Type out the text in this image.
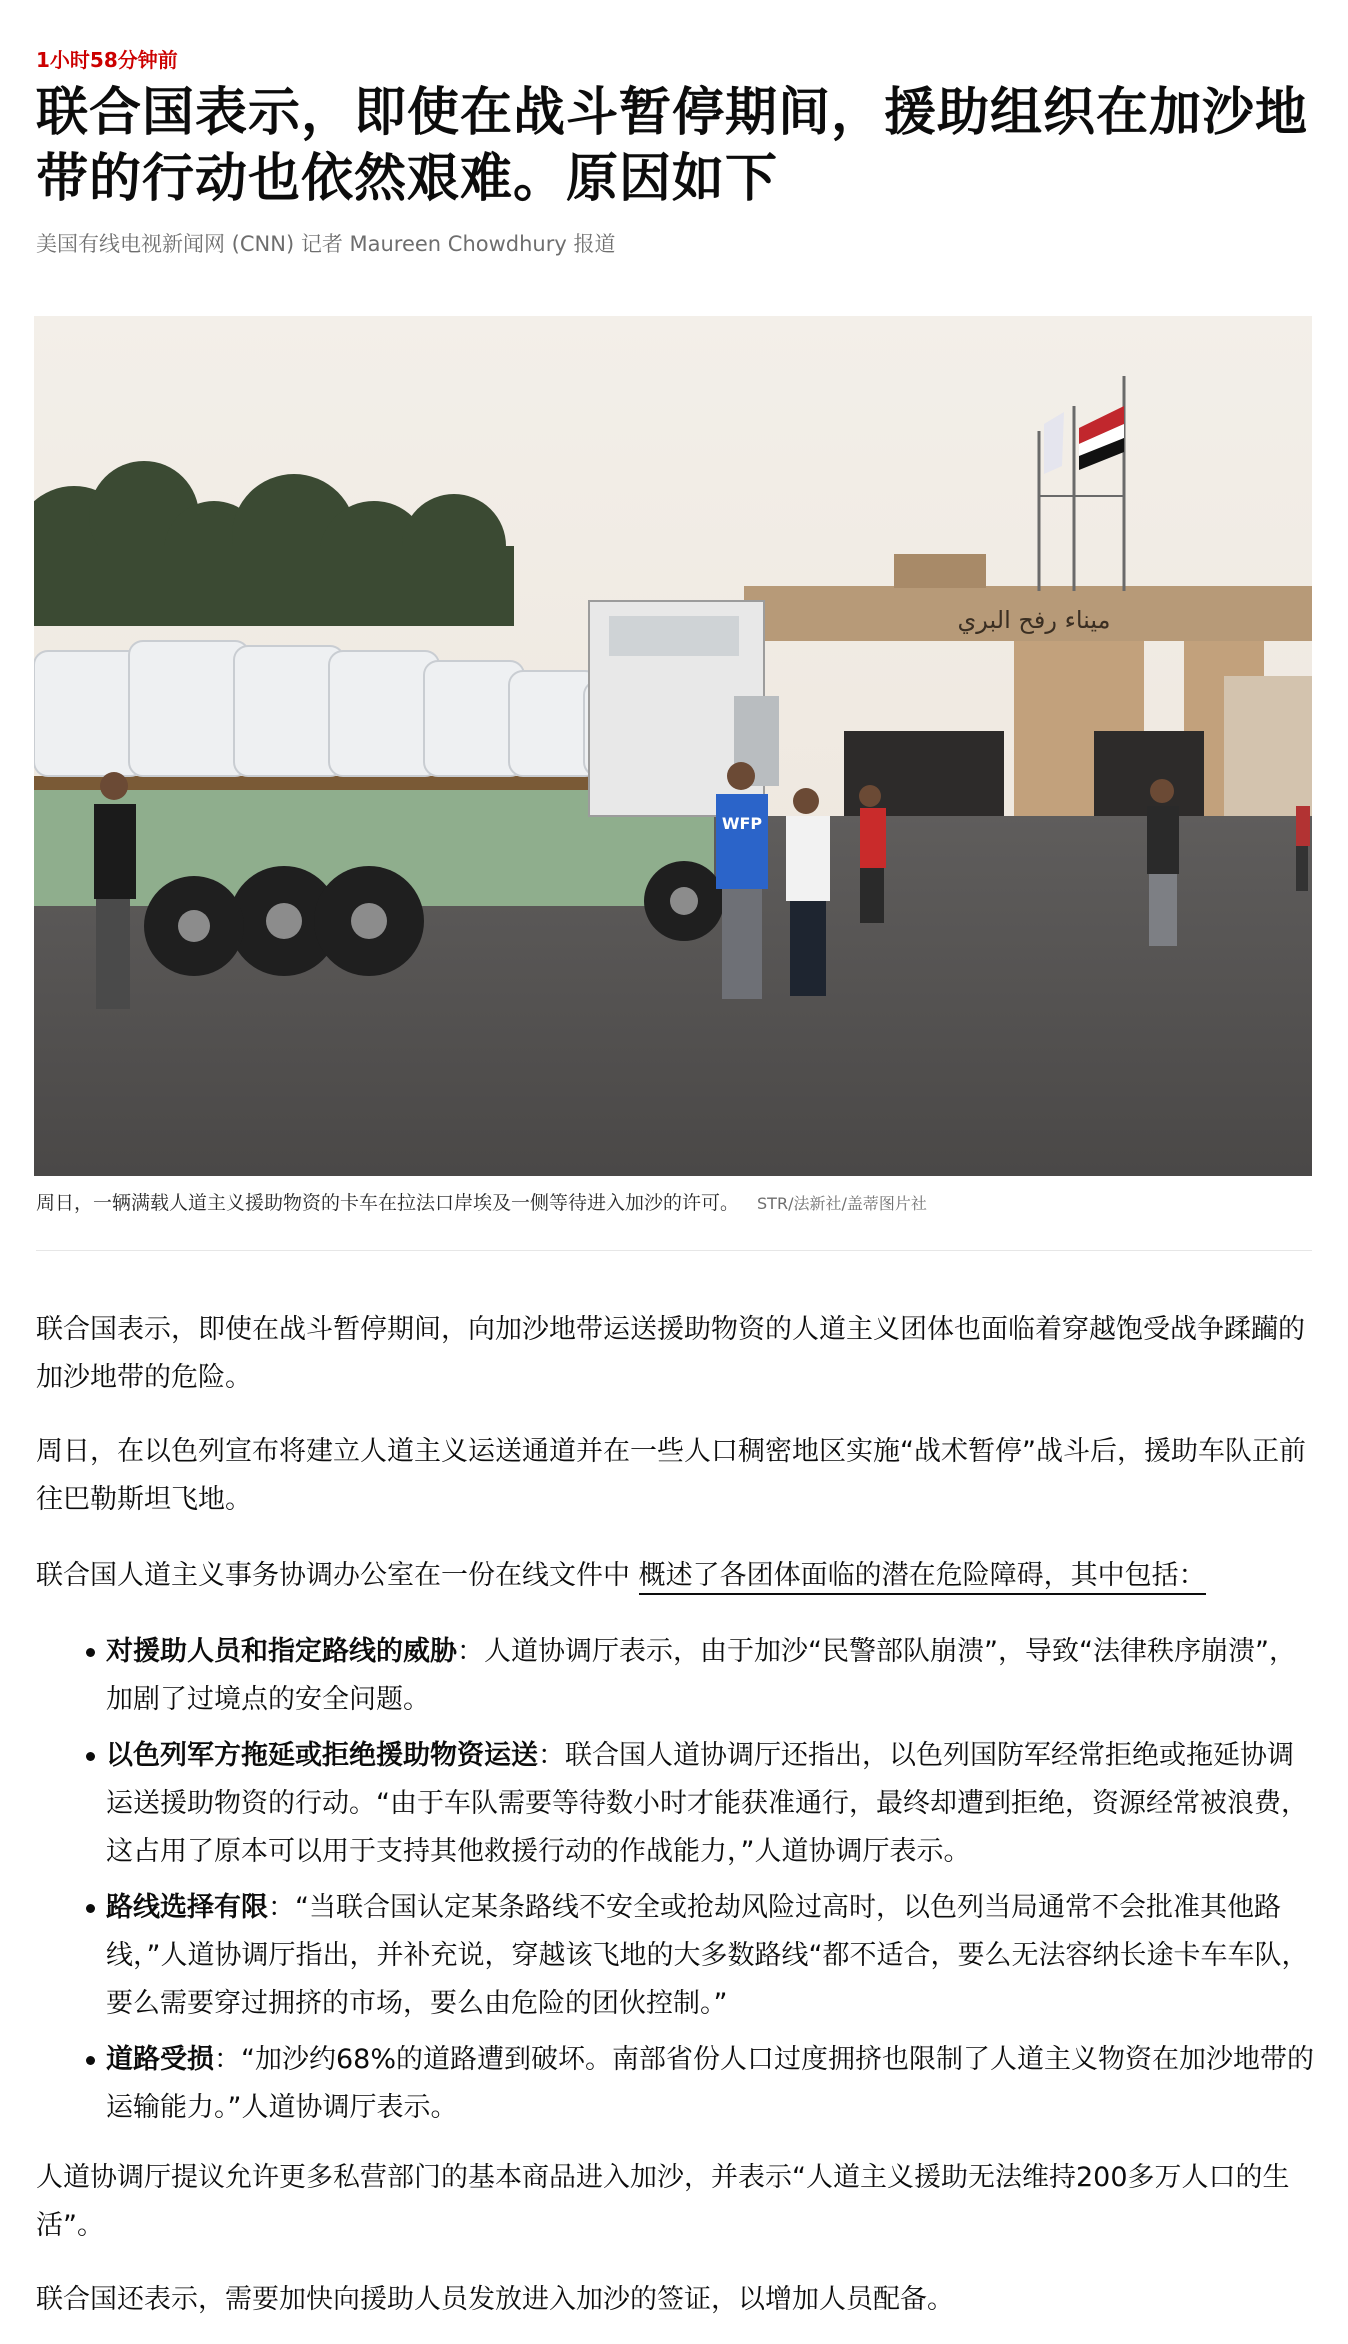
1小时58分钟前
联合国表示，即使在战斗暂停期间，援助组织在加沙地带的行动也依然艰难。原因如下
美国有线电视新闻网 (CNN) 记者 Maureen Chowdhury 报道
ميناء رفح البري
WFP
周日，一辆满载人道主义援助物资的卡车在拉法口岸埃及一侧等待进入加沙的许可。 STR/法新社/盖蒂图片社

联合国表示，即使在战斗暂停期间，向加沙地带运送援助物资的人道主义团体也面临着穿越饱受战争蹂躏的加沙地带的危险。

周日，在以色列宣布将建立人道主义运送通道并在一些人口稠密地区实施“战术暂停”战斗后，援助车队正前往巴勒斯坦飞地。

联合国人道主义事务协调办公室在一份在线文件中 概述了各团体面临的潜在危险障碍，其中包括：

对援助人员和指定路线的威胁：人道协调厅表示，由于加沙“民警部队崩溃”，导致“法律秩序崩溃”，加剧了过境点的安全问题。
以色列军方拖延或拒绝援助物资运送：联合国人道协调厅还指出，以色列国防军经常拒绝或拖延协调运送援助物资的行动。“由于车队需要等待数小时才能获准通行，最终却遭到拒绝，资源经常被浪费，这占用了原本可以用于支持其他救援行动的作战能力，”人道协调厅表示。
路线选择有限：“当联合国认定某条路线不安全或抢劫风险过高时，以色列当局通常不会批准其他路线，”人道协调厅指出，并补充说，穿越该飞地的大多数路线“都不适合，要么无法容纳长途卡车车队，要么需要穿过拥挤的市场，要么由危险的团伙控制。”
道路受损：“加沙约68%的道路遭到破坏。南部省份人口过度拥挤也限制了人道主义物资在加沙地带的运输能力。”人道协调厅表示。

人道协调厅提议允许更多私营部门的基本商品进入加沙，并表示“人道主义援助无法维持200多万人口的生活”。

联合国还表示，需要加快向援助人员发放进入加沙的签证，以增加人员配备。
